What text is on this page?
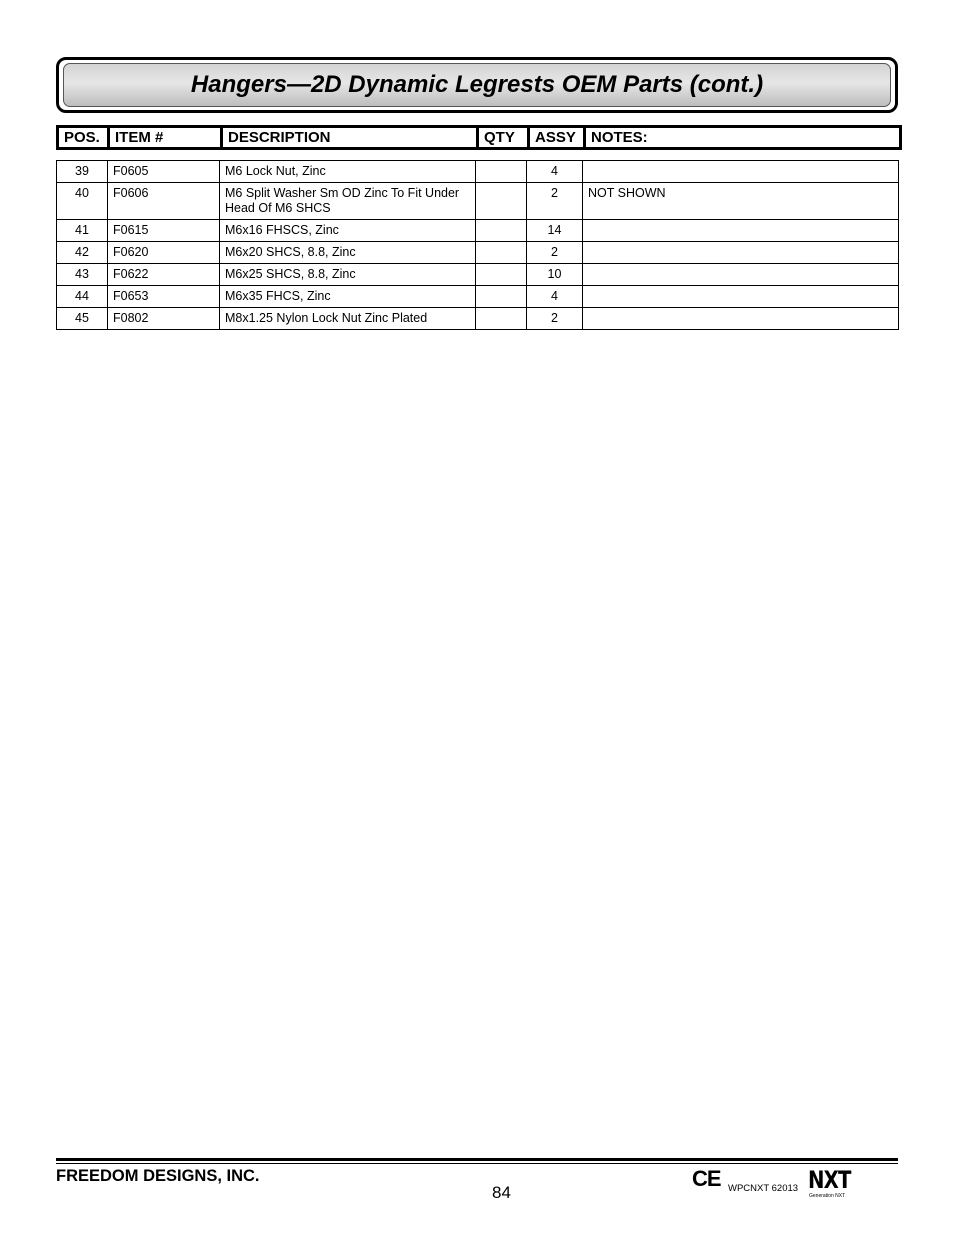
Hangers—2D Dynamic Legrests OEM Parts (cont.)
POS.	ITEM #	DESCRIPTION	QTY	ASSY	NOTES:
39	F0605	M6 Lock Nut, Zinc		4	
40	F0606	M6 Split Washer Sm OD Zinc To Fit Under Head Of M6 SHCS		2	NOT SHOWN
41	F0615	M6x16 FHSCS, Zinc		14	
42	F0620	M6x20 SHCS, 8.8, Zinc		2	
43	F0622	M6x25 SHCS, 8.8, Zinc		10	
44	F0653	M6x35 FHCS, Zinc		4	
45	F0802	M8x1.25 Nylon Lock Nut Zinc Plated		2	
FREEDOM DESIGNS, INC.
84
CE WPCNXT 62013 NXT
Generation NXT
